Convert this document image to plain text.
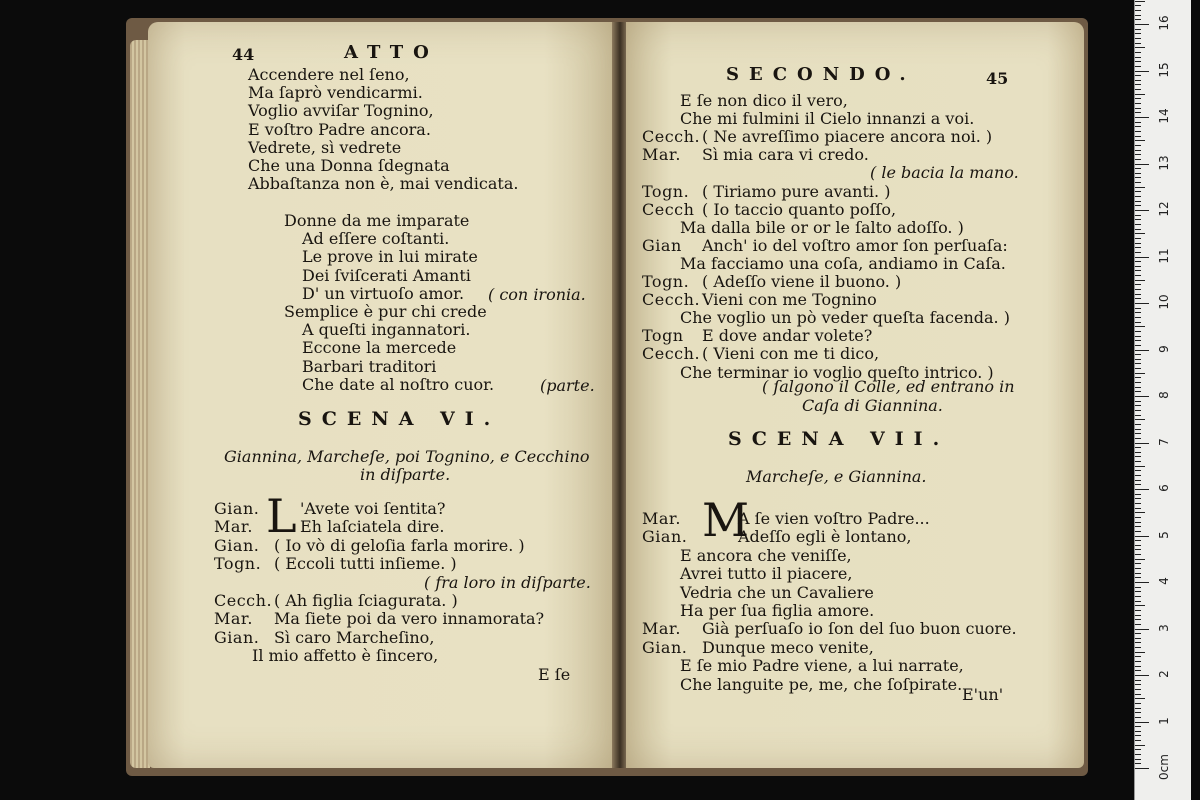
44	ATTO
Accendere nel ſeno,
Ma ſaprò vendicarmi.
Voglio avviſar Tognino,
E voſtro Padre ancora.
Vedrete, sì vedrete
Che una Donna ſdegnata
Abbaſtanza non è, mai vendicata.
Donne da me imparate
Ad eſſere coſtanti.
Le prove in lui mirate
Dei ſviſcerati Amanti
D' un virtuoſo amor.
Semplice è pur chi crede
A queſti ingannatori.
Eccone la mercede
Barbari traditori
Che date al noſtro cuor.
( con ironia.
(parte.
SCENA VI.
Giannina, Marcheſe, poi Tognino, e Cecchino
in diſparte.
L
Gian.	'Avete voi ſentita?
Mar.	Eh laſciatela dire.
Gian. ( Io vò di geloſia farla morire. )
Togn. ( Eccoli tutti inſieme. )
( fra loro in diſparte.
Cecch. ( Ah figlia ſciagurata. )
Mar. Ma ſiete poi da vero innamorata?
Gian. Sì caro Marcheſino,
Il mio affetto è ſincero,
E ſe
SECONDO.	45
E ſe non dico il vero,
Che mi fulmini il Cielo innanzi a voi.
Cecch. ( Ne avreſſimo piacere ancora noi. )
Mar. Sì mia cara vi credo.
( le bacia la mano.
Togn. ( Tiriamo pure avanti. )
Cecch ( Io taccio quanto poſſo,
Ma dalla bile or or le ſalto adoſſo. )
Gian Anch' io del voſtro amor ſon perſuaſa:
Ma facciamo una coſa, andiamo in Caſa.
Togn. ( Adeſſo viene il buono. )
Cecch. Vieni con me Tognino
Che voglio un pò veder queſta facenda. )
Togn E dove andar volete?
Cecch. ( Vieni con me ti dico,
Che terminar io voglio queſto intrico. )
( ſalgono il Colle, ed entrano in
Caſa di Giannina.
SCENA VII.
Marcheſe, e Giannina.
M
Mar.	A ſe vien voſtro Padre...
Gian.	Adeſſo egli è lontano,
E ancora che veniſſe,
Avrei tutto il piacere,
Vedria che un Cavaliere
Ha per ſua figlia amore.
Mar. Già perſuaſo io ſon del ſuo buon cuore.
Gian. Dunque meco venite,
E ſe mio Padre viene, a lui narrate,
Che languite pe, me, che ſoſpirate.
E'un'
1
2
3
4
5
6
7
8
9
10
11
12
13
14
15
16
0cm
